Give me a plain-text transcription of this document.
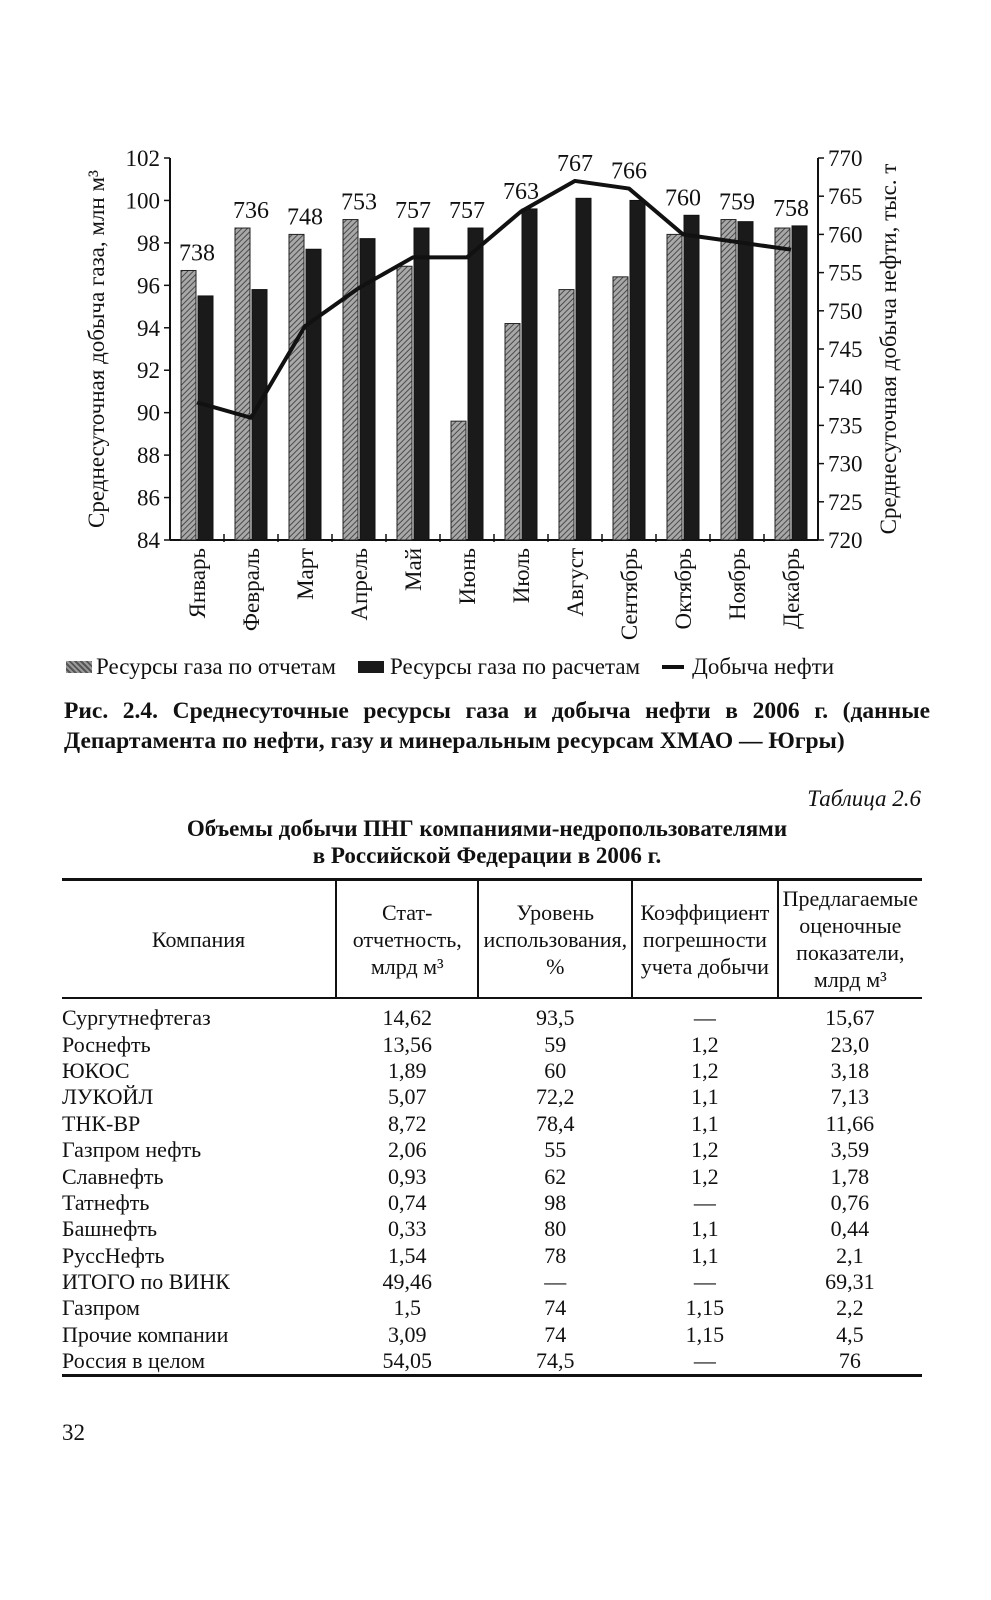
84
86
88
90
92
94
96
98
100
102
720
725
730
735
740
745
750
755
760
765
770
Среднесуточная добыча газа, млн м³	Среднесуточная добыча нефти, тыс. т
Январь Февраль Март Апрель Май Июнь Июль Август Сентябрь Октябрь Ноябрь Декабрь
738
736 748
753 757 757
763
767 766
760 759 758
Ресурсы газа по отчетам Ресурсы газа по расчетам Добыча нефти
Рис. 2.4. Среднесуточные ресурсы газа и добыча нефти в 2006 г. (данные Департамента по нефти, газу и минеральным ресурсам ХМАО — Югры)
Таблица 2.6
Объемы добычи ПНГ компаниями-недропользователями
в Российской Федерации в 2006 г.
Компания	Стат-отчетность, млрд м³	Уровень использования, %	Коэффициент погрешности учета добычи	Предлагаемые оценочные показатели, млрд м³
Сургутнефтегаз	14,62	93,5	—	15,67
Роснефть	13,56	59	1,2	23,0
ЮКОС	1,89	60	1,2	3,18
ЛУКОЙЛ	5,07	72,2	1,1	7,13
ТНК-ВР	8,72	78,4	1,1	11,66
Газпром нефть	2,06	55	1,2	3,59
Славнефть	0,93	62	1,2	1,78
Татнефть	0,74	98	—	0,76
Башнефть	0,33	80	1,1	0,44
РуссНефть	1,54	78	1,1	2,1
ИТОГО по ВИНК	49,46	—	—	69,31
Газпром	1,5	74	1,15	2,2
Прочие компании	3,09	74	1,15	4,5
Россия в целом	54,05	74,5	—	76
32
